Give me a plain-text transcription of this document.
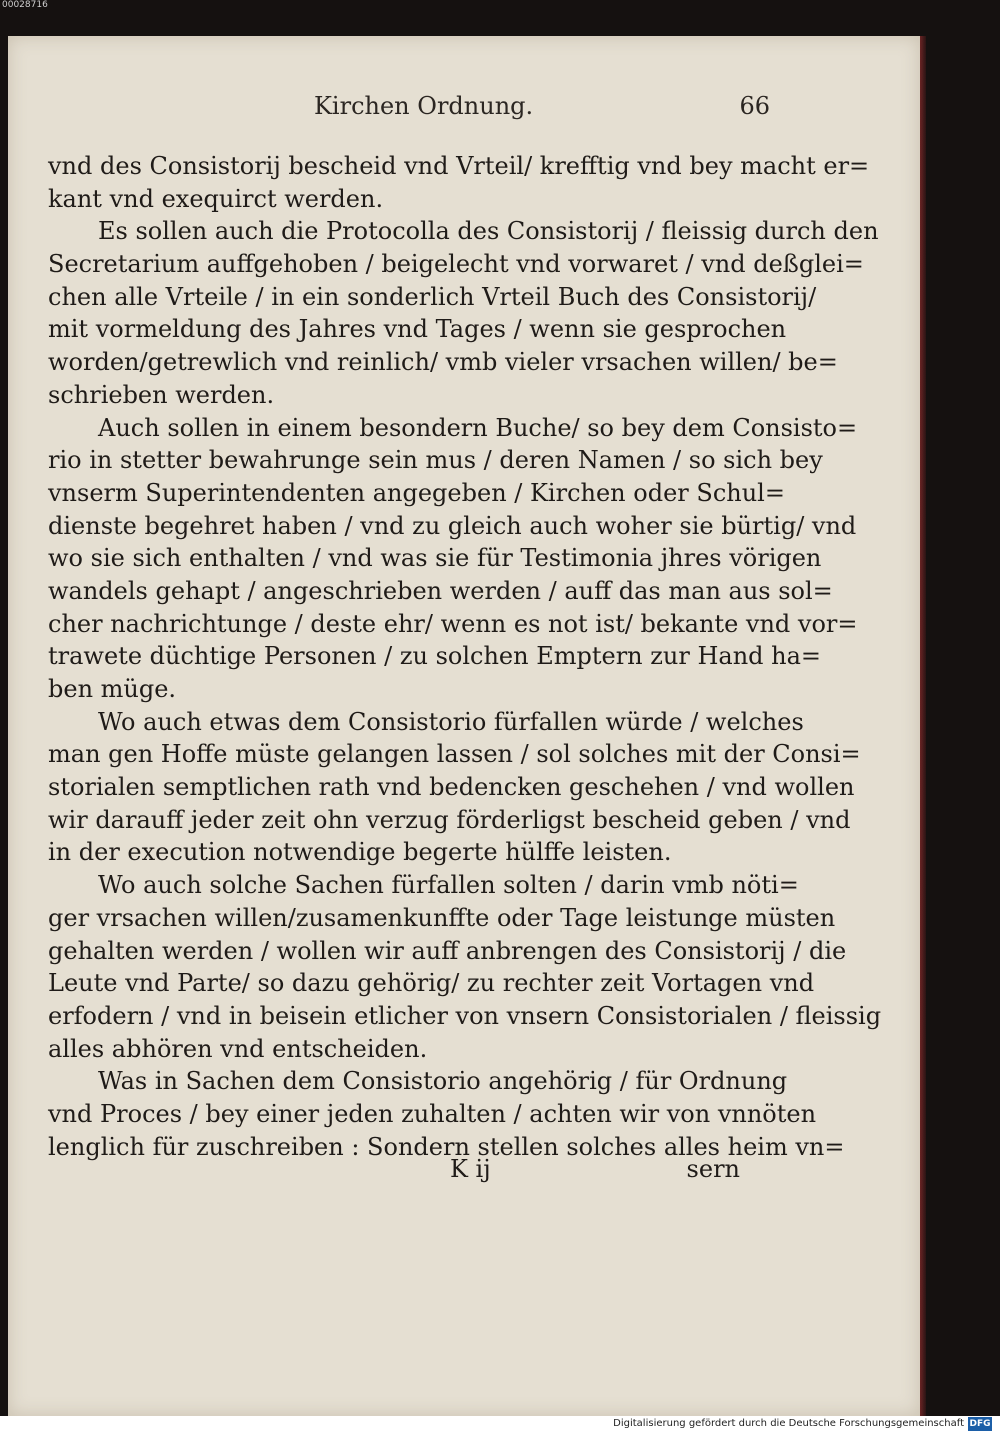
00028716
Kirchen Ordnung.	66
vnd des Consistorij bescheid vnd Vrteil/ krefftig vnd bey macht er=
kant vnd exequirct werden.
Es sollen auch die Protocolla des Consistorij / fleissig durch den
Secretarium auffgehoben / beigelecht vnd vorwaret / vnd deßglei=
chen alle Vrteile / in ein sonderlich Vrteil Buch des Consistorij/
mit vormeldung des Jahres vnd Tages / wenn sie gesprochen
worden/getrewlich vnd reinlich/ vmb vieler vrsachen willen/ be=
schrieben werden.
Auch sollen in einem besondern Buche/ so bey dem Consisto=
rio in stetter bewahrunge sein mus / deren Namen / so sich bey
vnserm Superintendenten angegeben / Kirchen oder Schul=
dienste begehret haben / vnd zu gleich auch woher sie bürtig/ vnd
wo sie sich enthalten / vnd was sie für Testimonia jhres vörigen
wandels gehapt / angeschrieben werden / auff das man aus sol=
cher nachrichtunge / deste ehr/ wenn es not ist/ bekante vnd vor=
trawete düchtige Personen / zu solchen Emptern zur Hand ha=
ben müge.
Wo auch etwas dem Consistorio fürfallen würde / welches
man gen Hoffe müste gelangen lassen / sol solches mit der Consi=
storialen semptlichen rath vnd bedencken geschehen / vnd wollen
wir darauff jeder zeit ohn verzug förderligst bescheid geben / vnd
in der execution notwendige begerte hülffe leisten.
Wo auch solche Sachen fürfallen solten / darin vmb nöti=
ger vrsachen willen/zusamenkunffte oder Tage leistunge müsten
gehalten werden / wollen wir auff anbrengen des Consistorij / die
Leute vnd Parte/ so dazu gehörig/ zu rechter zeit Vortagen vnd
erfodern / vnd in beisein etlicher von vnsern Consistorialen / fleissig
alles abhören vnd entscheiden.
Was in Sachen dem Consistorio angehörig / für Ordnung
vnd Proces / bey einer jeden zuhalten / achten wir von vnnöten
lenglich für zuschreiben : Sondern stellen solches alles heim vn=
K ij	sern
Digitalisierung gefördert durch die Deutsche Forschungsgemeinschaft DFG
